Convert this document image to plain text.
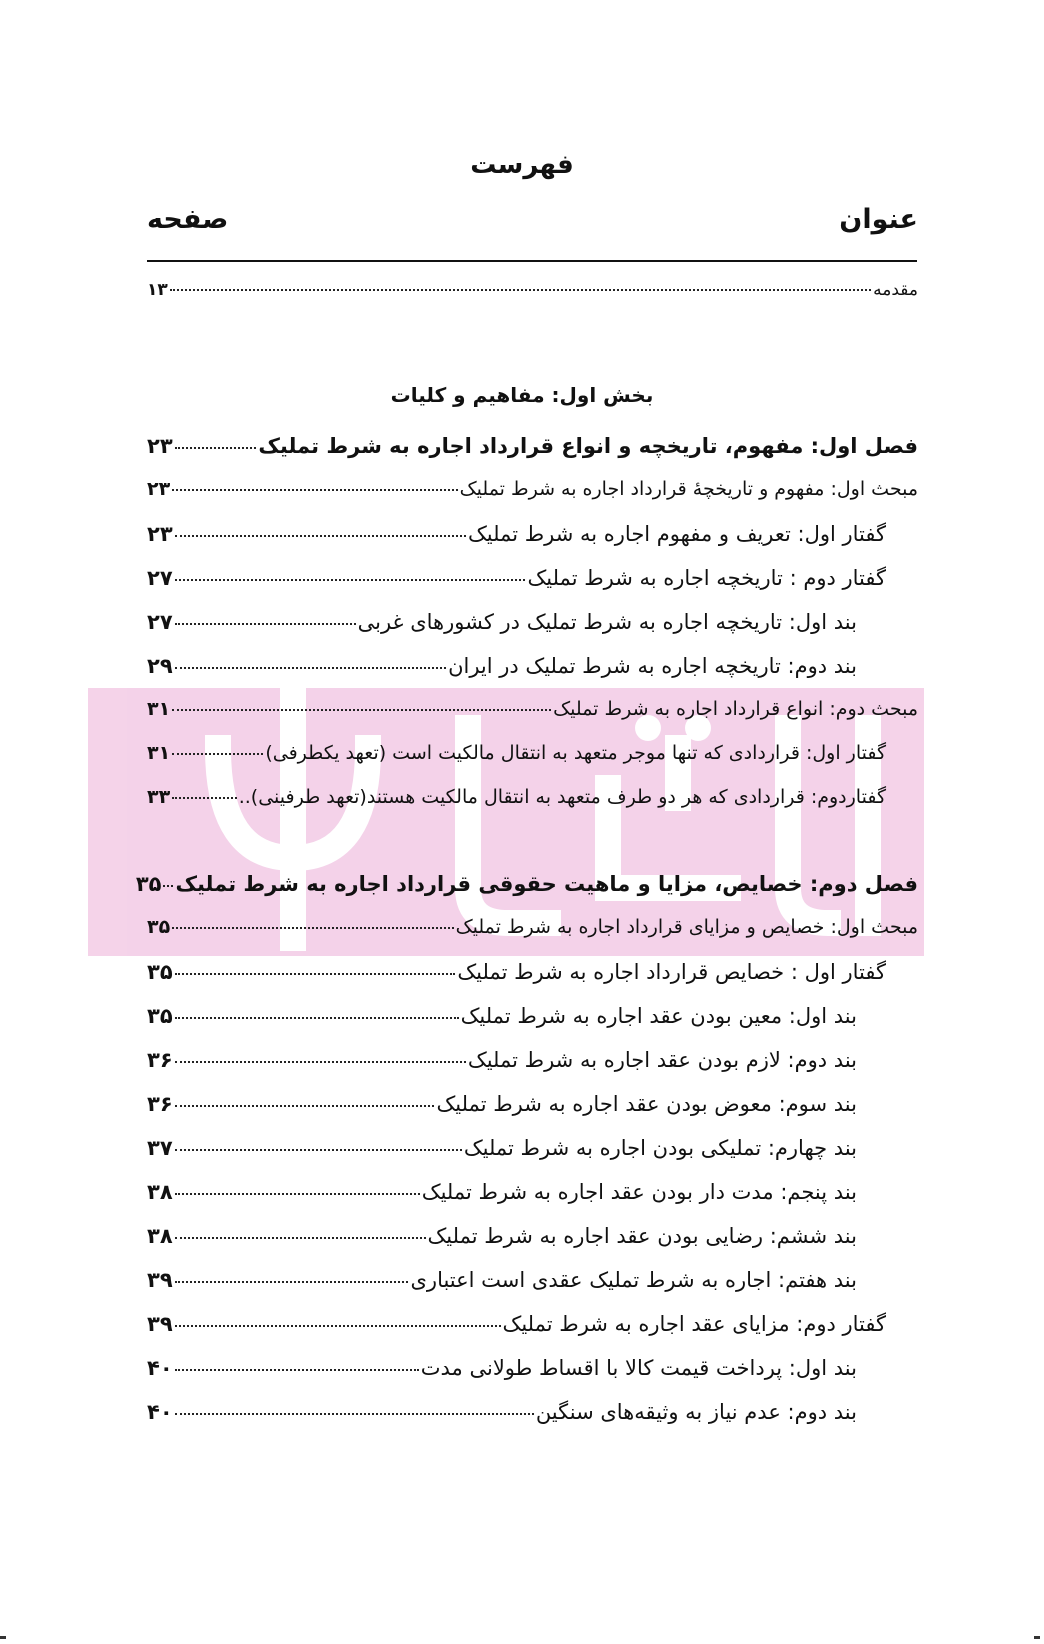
فهرست
عنوان
صفحه
مقدمه
۱۳
بخش اول: مفاهیم و کلیات
فصل اول: مفهوم، تاریخچه و انواع قرارداد اجاره به شرط تملیک
۲۳
مبحث اول: مفهوم و تاریخچهٔ قرارداد اجاره به شرط تملیک
۲۳
گفتار اول: تعریف و مفهوم اجاره به شرط تملیک
۲۳
گفتار دوم : تاریخچه اجاره به شرط تملیک
۲۷
بند اول: تاریخچه اجاره به شرط تملیک در کشورهای غربی
۲۷
بند دوم: تاریخچه اجاره به شرط تملیک در ایران
۲۹
مبحث دوم: انواع قرارداد اجاره به شرط تملیک
۳۱
گفتار اول: قراردادی که تنها موجر متعهد به انتقال مالکیت است (تعهد یکطرفی)
۳۱
گفتاردوم: قراردادی که هر دو طرف متعهد به انتقال مالکیت هستند(تعهد طرفینی)..
۳۳
فصل دوم: خصایص، مزایا و ماهیت حقوقی قرارداد اجاره به شرط تملیک
۳۵
مبحث اول: خصایص و مزایای قرارداد اجاره به شرط تملیک
۳۵
گفتار اول : خصایص قرارداد اجاره به شرط تملیک
۳۵
بند اول: معین بودن عقد اجاره به شرط تملیک
۳۵
بند دوم: لازم بودن عقد اجاره به شرط تملیک
۳۶
بند سوم: معوض بودن عقد اجاره به شرط تملیک
۳۶
بند چهارم: تملیکی بودن اجاره به شرط تملیک
۳۷
بند پنجم: مدت دار بودن عقد اجاره به شرط تملیک
۳۸
بند ششم: رضایی بودن عقد اجاره به شرط تملیک
۳۸
بند هفتم: اجاره به شرط تملیک عقدی است اعتباری
۳۹
گفتار دوم: مزایای عقد اجاره به شرط تملیک
۳۹
بند اول: پرداخت قیمت کالا با اقساط طولانی مدت
۴۰
بند دوم: عدم نیاز به وثیقه‌های سنگین
۴۰
